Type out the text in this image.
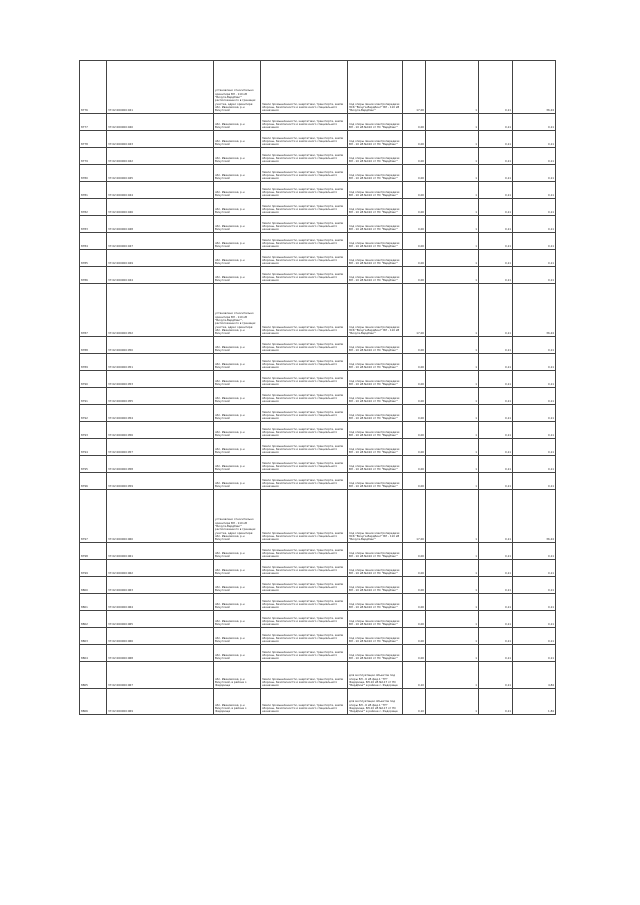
8776	37:02:000000:941
установлено относительно ориентира ВЛ - 110 кВ "Вичуга-Вердбинг" расположенного в границах участка, адрес ориентира: обл. Ивановская, р-н Вичугский
Земли промышленности, энергетики, транспорта, земли обороны, безопасности и земли иного специального назначения
под опоры линии электропередачи ЭСК "Вичуга-Вердбинг" ВЛ - 110 кВ "Вичуга-Вердбинг"	17,00	1	0,11	36,24
8777	37:02:000000:940
обл. Ивановская, р-н Вичугский
Земли промышленности, энергетики, транспорта, земли обороны, безопасности и земли иного специального назначения
под опоры линии электропередачи ВЛ - 10 кВ №410 от ПС "Вердбинг"	0,00	1	0,11	0,11
8778	37:02:000000:943
обл. Ивановская, р-н Вичугский
Земли промышленности, энергетики, транспорта, земли обороны, безопасности и земли иного специального назначения
под опоры линии электропередачи ВЛ - 10 кВ №410 от ПС "Вердбинг"	0,00	1	0,11	0,11
8779	37:02:000000:942
обл. Ивановская, р-н Вичугский
Земли промышленности, энергетики, транспорта, земли обороны, безопасности и земли иного специального назначения
под опоры линии электропередачи ВЛ - 10 кВ №410 от ПС "Вердбинг"	0,00	1	0,11	0,11
8780	37:02:000000:945
обл. Ивановская, р-н Вичугский
Земли промышленности, энергетики, транспорта, земли обороны, безопасности и земли иного специального назначения
под опоры линии электропередачи ВЛ - 10 кВ №410 от ПС "Вердбинг"	0,00	1	0,11	0,11
8781	37:02:000000:944
обл. Ивановская, р-н Вичугский
Земли промышленности, энергетики, транспорта, земли обороны, безопасности и земли иного специального назначения
под опоры линии электропередачи ВЛ - 10 кВ №410 от ПС "Вердбинг"	0,00	1	0,11	0,11
8782	37:02:000000:946
обл. Ивановская, р-н Вичугский
Земли промышленности, энергетики, транспорта, земли обороны, безопасности и земли иного специального назначения
под опоры линии электропередачи ВЛ - 10 кВ №410 от ПС "Вердбинг"	0,00	1	0,11	0,11
8783	37:02:000000:948
обл. Ивановская, р-н Вичугский
Земли промышленности, энергетики, транспорта, земли обороны, безопасности и земли иного специального назначения
под опоры линии электропередачи ВЛ - 10 кВ №410 от ПС "Вердбинг"	0,00	1	0,11	0,11
8784	37:02:000000:947
обл. Ивановская, р-н Вичугский
Земли промышленности, энергетики, транспорта, земли обороны, безопасности и земли иного специального назначения
под опоры линии электропередачи ВЛ - 10 кВ №410 от ПС "Вердбинг"	0,00	1	0,11	0,11
8785	37:02:000000:949
обл. Ивановская, р-н Вичугский
Земли промышленности, энергетики, транспорта, земли обороны, безопасности и земли иного специального назначения
под опоры линии электропередачи ВЛ - 10 кВ №410 от ПС "Вердбинг"	0,00	1	0,11	0,11
8786	37:02:000000:944
обл. Ивановская, р-н Вичугский
Земли промышленности, энергетики, транспорта, земли обороны, безопасности и земли иного специального назначения
под опоры линии электропередачи ВЛ - 10 кВ №410 от ПС "Вердбинг"	0,00	1	0,11	0,11
8787	37:02:000000:952
установлено относительно ориентира ВЛ - 110 кВ "Вичуга-Вердбинг", расположенного в границах участка, адрес ориентира: обл. Ивановская, р-н Вичугский
Земли промышленности, энергетики, транспорта, земли обороны, безопасности и земли иного специального назначения
под опоры линии электропередачи ЭСК "Вичуга-Вердбинг" ВЛ - 110 кВ "Вичуга-Вердбинг"	17,00	1	0,11	36,24
8788	37:02:000000:950
обл. Ивановская, р-н Вичугский
Земли промышленности, энергетики, транспорта, земли обороны, безопасности и земли иного специального назначения
под опоры линии электропередачи ВЛ - 10 кВ №410 от ПС "Вердбинг"	0,00	1	0,11	0,11
8789	37:02:000000:951
обл. Ивановская, р-н Вичугский
Земли промышленности, энергетики, транспорта, земли обороны, безопасности и земли иного специального назначения
под опоры линии электропередачи ВЛ - 10 кВ №410 от ПС "Вердбинг"	0,00	1	0,11	0,11
8790	37:02:000000:953
обл. Ивановская, р-н Вичугский
Земли промышленности, энергетики, транспорта, земли обороны, безопасности и земли иного специального назначения
под опоры линии электропередачи ВЛ - 10 кВ №410 от ПС "Вердбинг"	0,00	1	0,11	0,11
8791	37:02:000000:955
обл. Ивановская, р-н Вичугский
Земли промышленности, энергетики, транспорта, земли обороны, безопасности и земли иного специального назначения
под опоры линии электропередачи ВЛ - 10 кВ №410 от ПС "Вердбинг"	0,00	1	0,11	0,11
8792	37:02:000000:954
обл. Ивановская, р-н Вичугский
Земли промышленности, энергетики, транспорта, земли обороны, безопасности и земли иного специального назначения
под опоры линии электропередачи ВЛ - 10 кВ №410 от ПС "Вердбинг"	0,00	1	0,11	0,11
8793	37:02:000000:956
обл. Ивановская, р-н Вичугский
Земли промышленности, энергетики, транспорта, земли обороны, безопасности и земли иного специального назначения
под опоры линии электропередачи ВЛ - 10 кВ №410 от ПС "Вердбинг"	0,00	1	0,11	0,11
8794	37:02:000000:957
обл. Ивановская, р-н Вичугский
Земли промышленности, энергетики, транспорта, земли обороны, безопасности и земли иного специального назначения
под опоры линии электропередачи ВЛ - 10 кВ №410 от ПС "Вердбинг"	0,00	1	0,11	0,11
8795	37:02:000000:958
обл. Ивановская, р-н Вичугский
Земли промышленности, энергетики, транспорта, земли обороны, безопасности и земли иного специального назначения
под опоры линии электропередачи ВЛ - 10 кВ №410 от ПС "Вердбинг"	0,00	1	0,11	0,11
8796	37:02:000000:959
обл. Ивановская, р-н Вичугский
Земли промышленности, энергетики, транспорта, земли обороны, безопасности и земли иного специального назначения
под опоры линии электропередачи ВЛ - 10 кВ №410 от ПС "Вердбинг"	0,00	1	0,11	0,11
8797	37:02:000000:960
установлено относительно ориентира ВЛ - 110 кВ "Вичуга-Вердбинг" расположенного в границах участка, адрес ориентира: обл. Ивановская, р-н Вичугский
Земли промышленности, энергетики, транспорта, земли обороны, безопасности и земли иного специального назначения
под опоры линии электропередачи ЭСК "Вичуга-Вердбинг" ВЛ - 110 кВ "Вичуга-Вердбинг"	17,00	1	0,11	36,24
8798	37:02:000000:961
обл. Ивановская, р-н Вичугский
Земли промышленности, энергетики, транспорта, земли обороны, безопасности и земли иного специального назначения
под опоры линии электропередачи ВЛ - 10 кВ №410 от ПС "Вердбинг"	0,00	1	0,11	0,11
8799	37:02:000000:962
обл. Ивановская, р-н Вичугский
Земли промышленности, энергетики, транспорта, земли обороны, безопасности и земли иного специального назначения
под опоры линии электропередачи ВЛ - 10 кВ №410 от ПС "Вердбинг"	0,00	1	0,11	0,11
8800	37:02:000000:963
обл. Ивановская, р-н Вичугский
Земли промышленности, энергетики, транспорта, земли обороны, безопасности и земли иного специального назначения
под опоры линии электропередачи ВЛ - 10 кВ №410 от ПС "Вердбинг"	0,00	1	0,11	0,11
8801	37:02:000000:964
обл. Ивановская, р-н Вичугский
Земли промышленности, энергетики, транспорта, земли обороны, безопасности и земли иного специального назначения
под опоры линии электропередачи ВЛ - 10 кВ №410 от ПС "Вердбинг"	0,00	1	0,11	0,11
8802	37:02:000000:965
обл. Ивановская, р-н Вичугский
Земли промышленности, энергетики, транспорта, земли обороны, безопасности и земли иного специального назначения
под опоры линии электропередачи ВЛ - 10 кВ №410 от ПС "Вердбинг"	0,00	1	0,11	0,11
8803	37:02:000000:966
обл. Ивановская, р-н Вичугский
Земли промышленности, энергетики, транспорта, земли обороны, безопасности и земли иного специального назначения
под опоры линии электропередачи ВЛ - 10 кВ №410 от ПС "Вердбинг"	0,00	1	0,11	0,11
8804	37:02:000000:968
обл. Ивановская, р-н Вичугский
Земли промышленности, энергетики, транспорта, земли обороны, безопасности и земли иного специального назначения
под опоры линии электропередачи ВЛ - 10 кВ №410 от ПС "Вердбинг"	0,00	1	0,11	0,11
8805	37:02:000000:967
обл. Ивановская, р-н Вичугский, в районе с. Федорище
Земли промышленности, энергетики, транспорта, земли обороны, безопасности и земли иного специального назначения
для эксплуатации объектов под опоры ВЛ - 6 кВ фид.1 "ГП" Федорище, ВЛ-10 кВ №117 от ПС "Вердбинг" в районе с. Федорище	0,10	1	0,11	4,84
8806	37:02:000000:969
обл. Ивановская, р-н Вичугский, в районе с. Федорище
Земли промышленности, энергетики, транспорта, земли обороны, безопасности и земли иного специального назначения
для эксплуатации объектов под опоры ВЛ - 6 кВ фид.1 "ГП" Федорище, ВЛ-10 кВ №117 от ПС "Вердбинг" в районе с. Федорище	0,10	1	0,11	1,84
